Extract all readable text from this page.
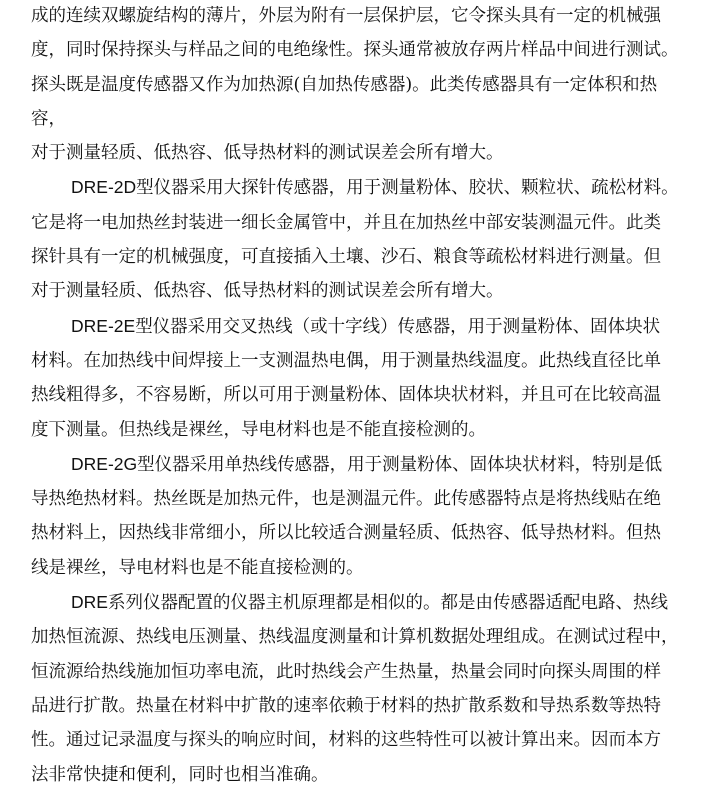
成的连续双螺旋结构的薄片，外层为附有一层保护层，它令探头具有一定的机械强
度，同时保持探头与样品之间的电绝缘性。探头通常被放存两片样品中间进行测试。
探头既是温度传感器又作为加热源(自加热传感器)。此类传感器具有一定体积和热容，
对于测量轻质、低热容、低导热材料的测试误差会所有增大。
DRE-2D型仪器采用大探针传感器，用于测量粉体、胶状、颗粒状、疏松材料。
它是将一电加热丝封装进一细长金属管中，并且在加热丝中部安装测温元件。此类
探针具有一定的机械强度，可直接插入土壤、沙石、粮食等疏松材料进行测量。但
对于测量轻质、低热容、低导热材料的测试误差会所有增大。
DRE-2E型仪器采用交叉热线（或十字线）传感器，用于测量粉体、固体块状
材料。在加热线中间焊接上一支测温热电偶，用于测量热线温度。此热线直径比单
热线粗得多，不容易断，所以可用于测量粉体、固体块状材料，并且可在比较高温
度下测量。但热线是裸丝，导电材料也是不能直接检测的。
DRE-2G型仪器采用单热线传感器，用于测量粉体、固体块状材料，特别是低
导热绝热材料。热丝既是加热元件，也是测温元件。此传感器特点是将热线贴在绝
热材料上，因热线非常细小，所以比较适合测量轻质、低热容、低导热材料。但热
线是裸丝，导电材料也是不能直接检测的。
DRE系列仪器配置的仪器主机原理都是相似的。都是由传感器适配电路、热线
加热恒流源、热线电压测量、热线温度测量和计算机数据处理组成。在测试过程中，
恒流源给热线施加恒功率电流，此时热线会产生热量，热量会同时向探头周围的样
品进行扩散。热量在材料中扩散的速率依赖于材料的热扩散系数和导热系数等热特
性。通过记录温度与探头的响应时间，材料的这些特性可以被计算出来。因而本方
法非常快捷和便利，同时也相当准确。
